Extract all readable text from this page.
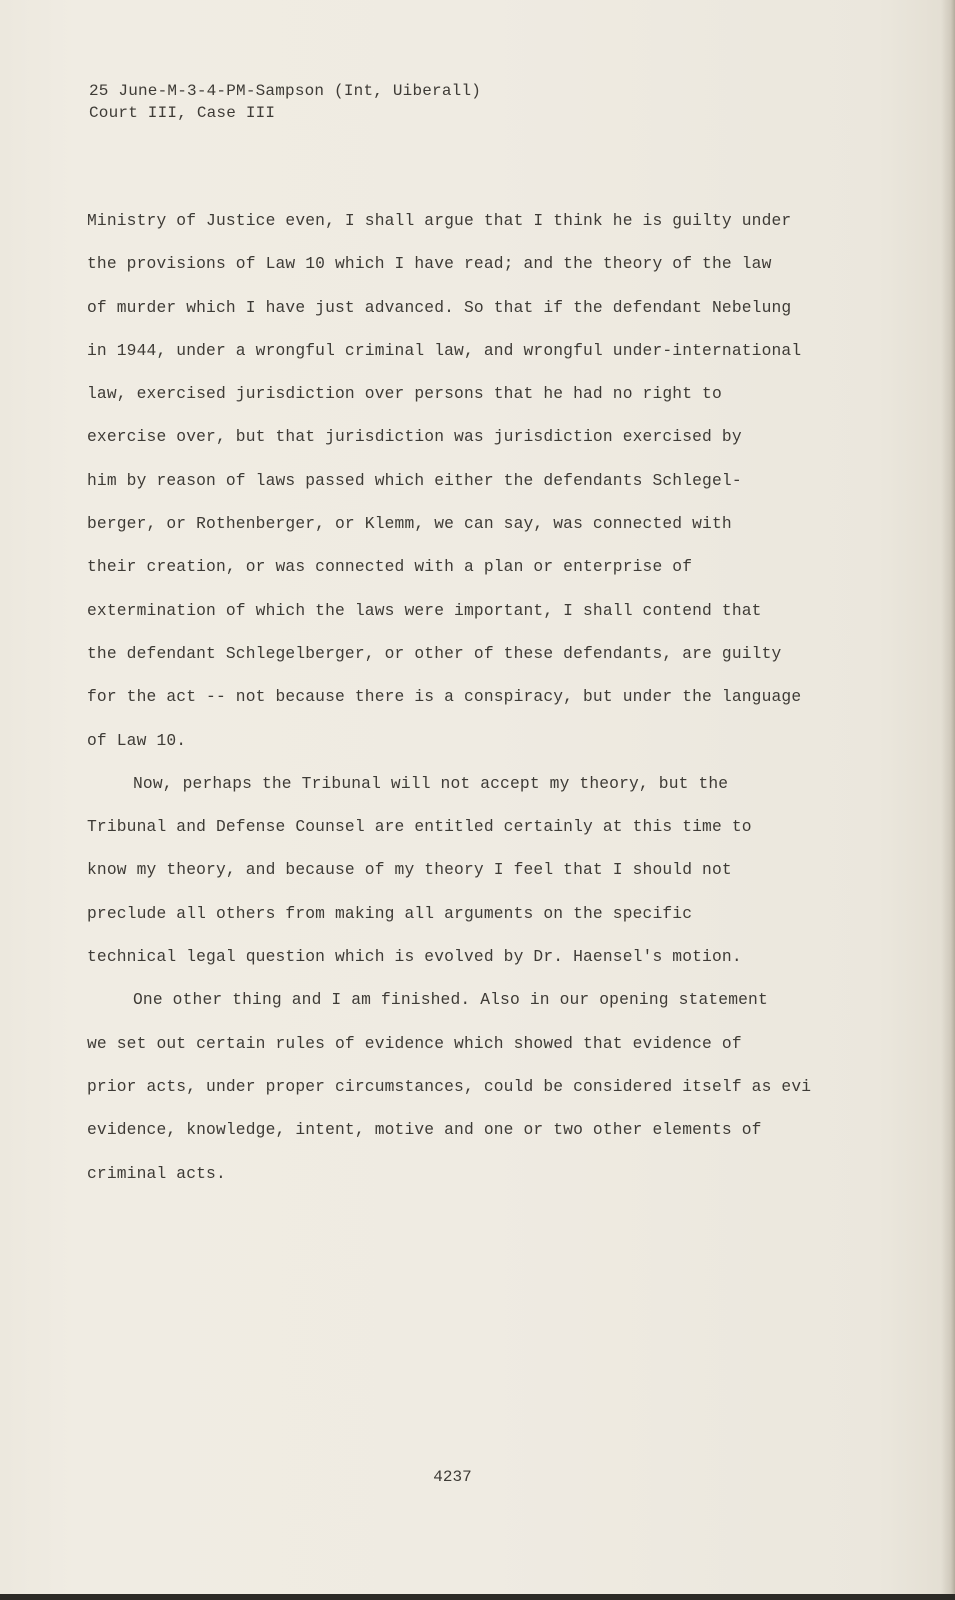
25 June-M-3-4-PM-Sampson (Int, Uiberall)
Court III, Case III
Ministry of Justice even, I shall argue that I think he is guilty under
the provisions of Law 10 which I have read; and the theory of the law
of murder which I have just advanced. So that if the defendant Nebelung
in 1944, under a wrongful criminal law, and wrongful under-international
law, exercised jurisdiction over persons that he had no right to
exercise over, but that jurisdiction was jurisdiction exercised by
him by reason of laws passed which either the defendants Schlegel-
berger, or Rothenberger, or Klemm, we can say, was connected with
their creation, or was connected with a plan or enterprise of
extermination of which the laws were important, I shall contend that
the defendant Schlegelberger, or other of these defendants, are guilty
for the act -- not because there is a conspiracy, but under the language
of Law 10.
Now, perhaps the Tribunal will not accept my theory, but the
Tribunal and Defense Counsel are entitled certainly at this time to
know my theory, and because of my theory I feel that I should not
preclude all others from making all arguments on the specific
technical legal question which is evolved by Dr. Haensel's motion.
One other thing and I am finished. Also in our opening statement
we set out certain rules of evidence which showed that evidence of
prior acts, under proper circumstances, could be considered itself as evi
evidence, knowledge, intent, motive and one or two other elements of
criminal acts.
4237
